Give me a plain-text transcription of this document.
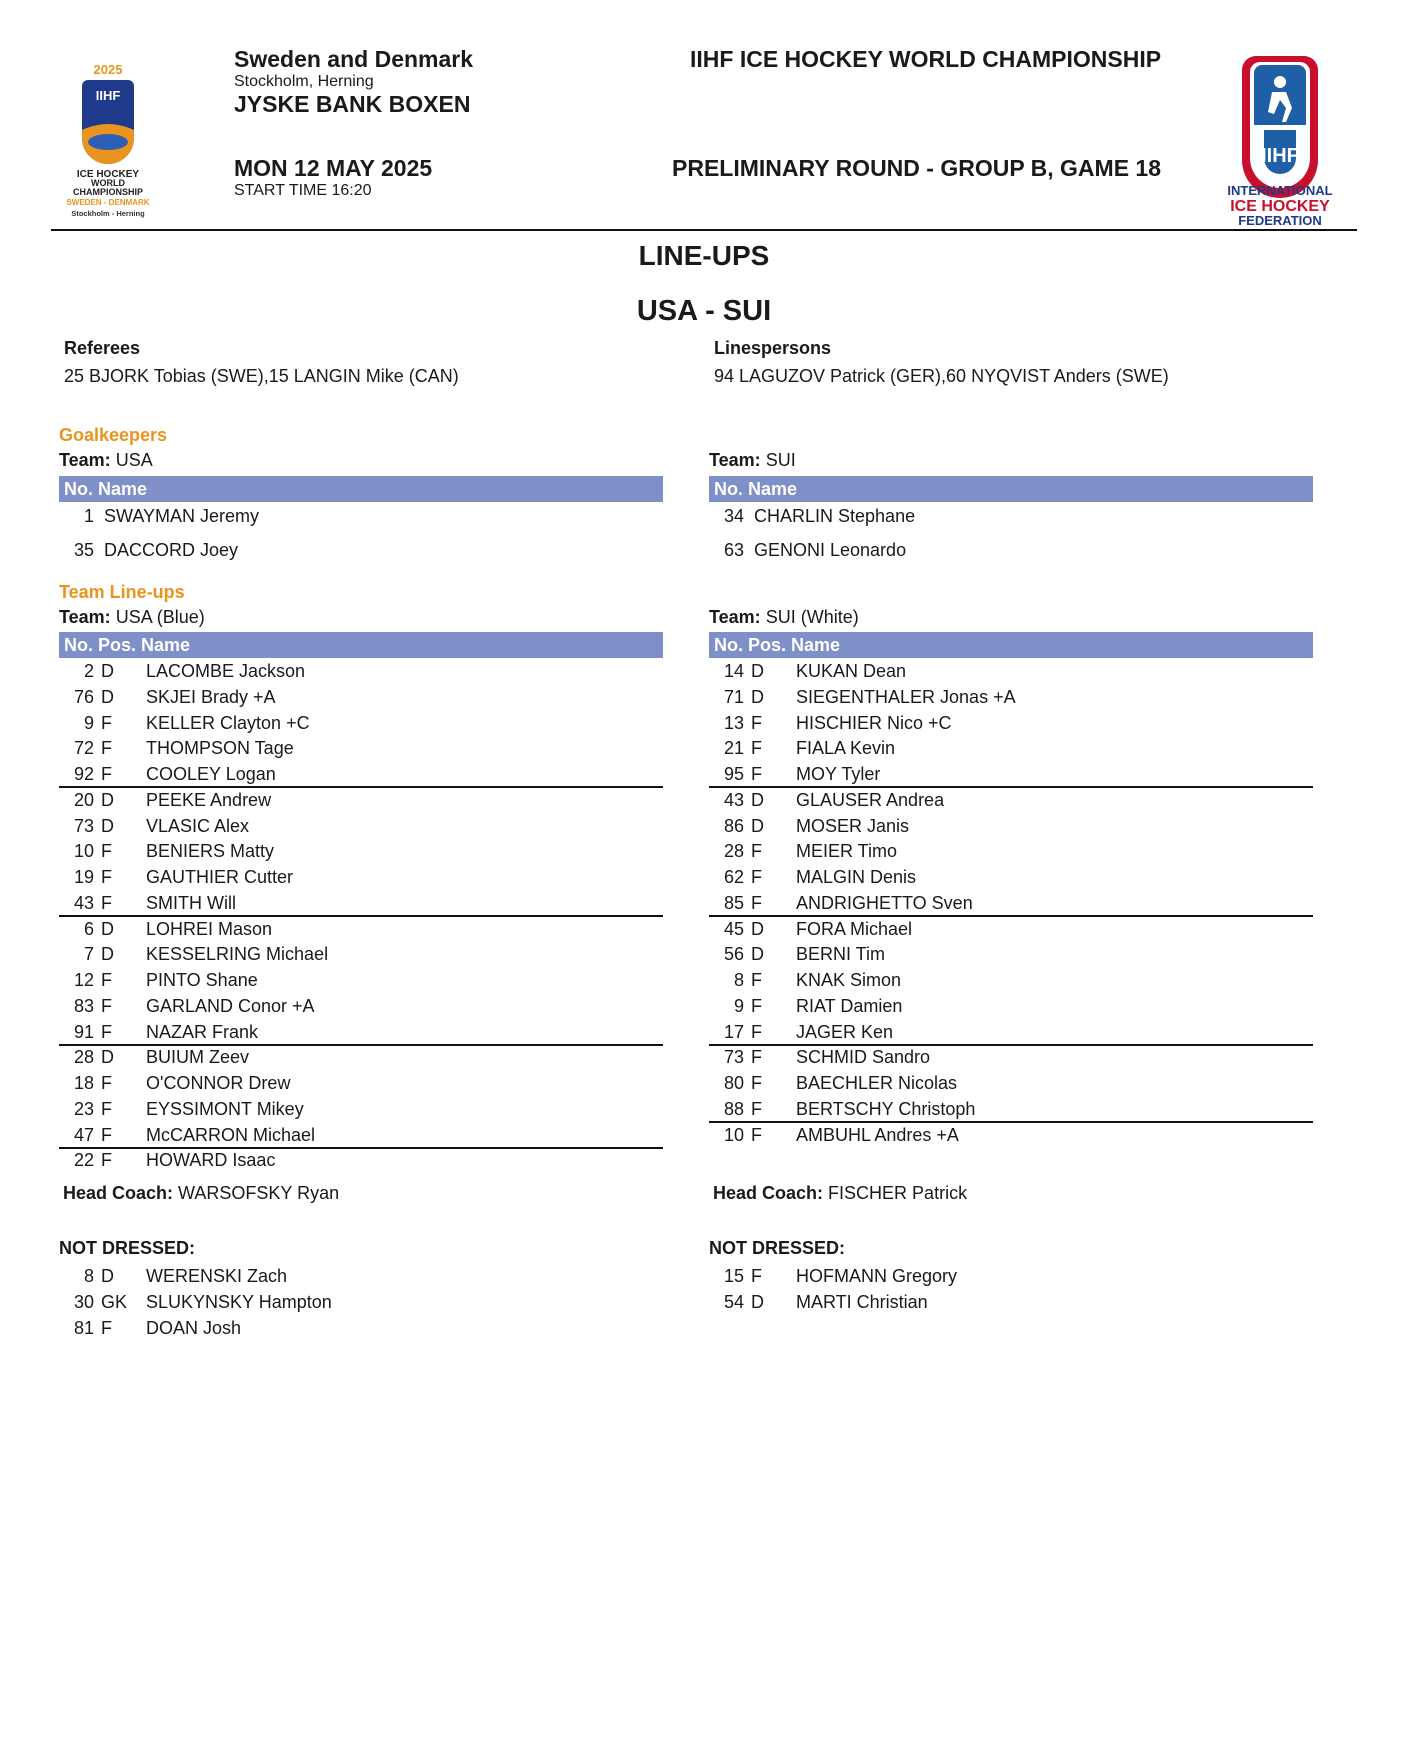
2025
IIHF
ICE HOCKEY
WORLD
CHAMPIONSHIP
SWEDEN - DENMARK
Stockholm - Herning
Sweden and Denmark
Stockholm, Herning
JYSKE BANK BOXEN
MON 12 MAY 2025
START TIME 16:20
IIHF ICE HOCKEY WORLD CHAMPIONSHIP
PRELIMINARY ROUND - GROUP B, GAME 18	IIHF
INTERNATIONAL
ICE HOCKEY
FEDERATION
LINE-UPS
USA - SUI
Referees
25 BJORK Tobias (SWE),15 LANGIN Mike (CAN)
Linespersons
94 LAGUZOV Patrick (GER),60 NYQVIST Anders (SWE)
Goalkeepers
Team: USA	Team: SUI
No. Name	No. Name
1 SWAYMAN Jeremy
35 DACCORD Joey
34 CHARLIN Stephane
63 GENONI Leonardo
Team Line-ups
Team: USA (Blue)	Team: SUI (White)
No. Pos. Name	No. Pos. Name
2 D LACOMBE Jackson
76 D SKJEI Brady +A
9 F KELLER Clayton +C
72 F THOMPSON Tage
92 F COOLEY Logan
20 D PEEKE Andrew
73 D VLASIC Alex
10 F BENIERS Matty
19 F GAUTHIER Cutter
43 F SMITH Will
6 D LOHREI Mason
7 D KESSELRING Michael
12 F PINTO Shane
83 F GARLAND Conor +A
91 F NAZAR Frank
28 D BUIUM Zeev
18 F O'CONNOR Drew
23 F EYSSIMONT Mikey
47 F McCARRON Michael
22 F HOWARD Isaac
14 D KUKAN Dean
71 D SIEGENTHALER Jonas +A
13 F HISCHIER Nico +C
21 F FIALA Kevin
95 F MOY Tyler
43 D GLAUSER Andrea
86 D MOSER Janis
28 F MEIER Timo
62 F MALGIN Denis
85 F ANDRIGHETTO Sven
45 D FORA Michael
56 D BERNI Tim
8 F KNAK Simon
9 F RIAT Damien
17 F JAGER Ken
73 F SCHMID Sandro
80 F BAECHLER Nicolas
88 F BERTSCHY Christoph
10 F AMBUHL Andres +A
Head Coach: WARSOFSKY Ryan	Head Coach: FISCHER Patrick
NOT DRESSED:	NOT DRESSED:
8 D WERENSKI Zach
30 GK SLUKYNSKY Hampton
81 F DOAN Josh
15 F HOFMANN Gregory
54 D MARTI Christian
